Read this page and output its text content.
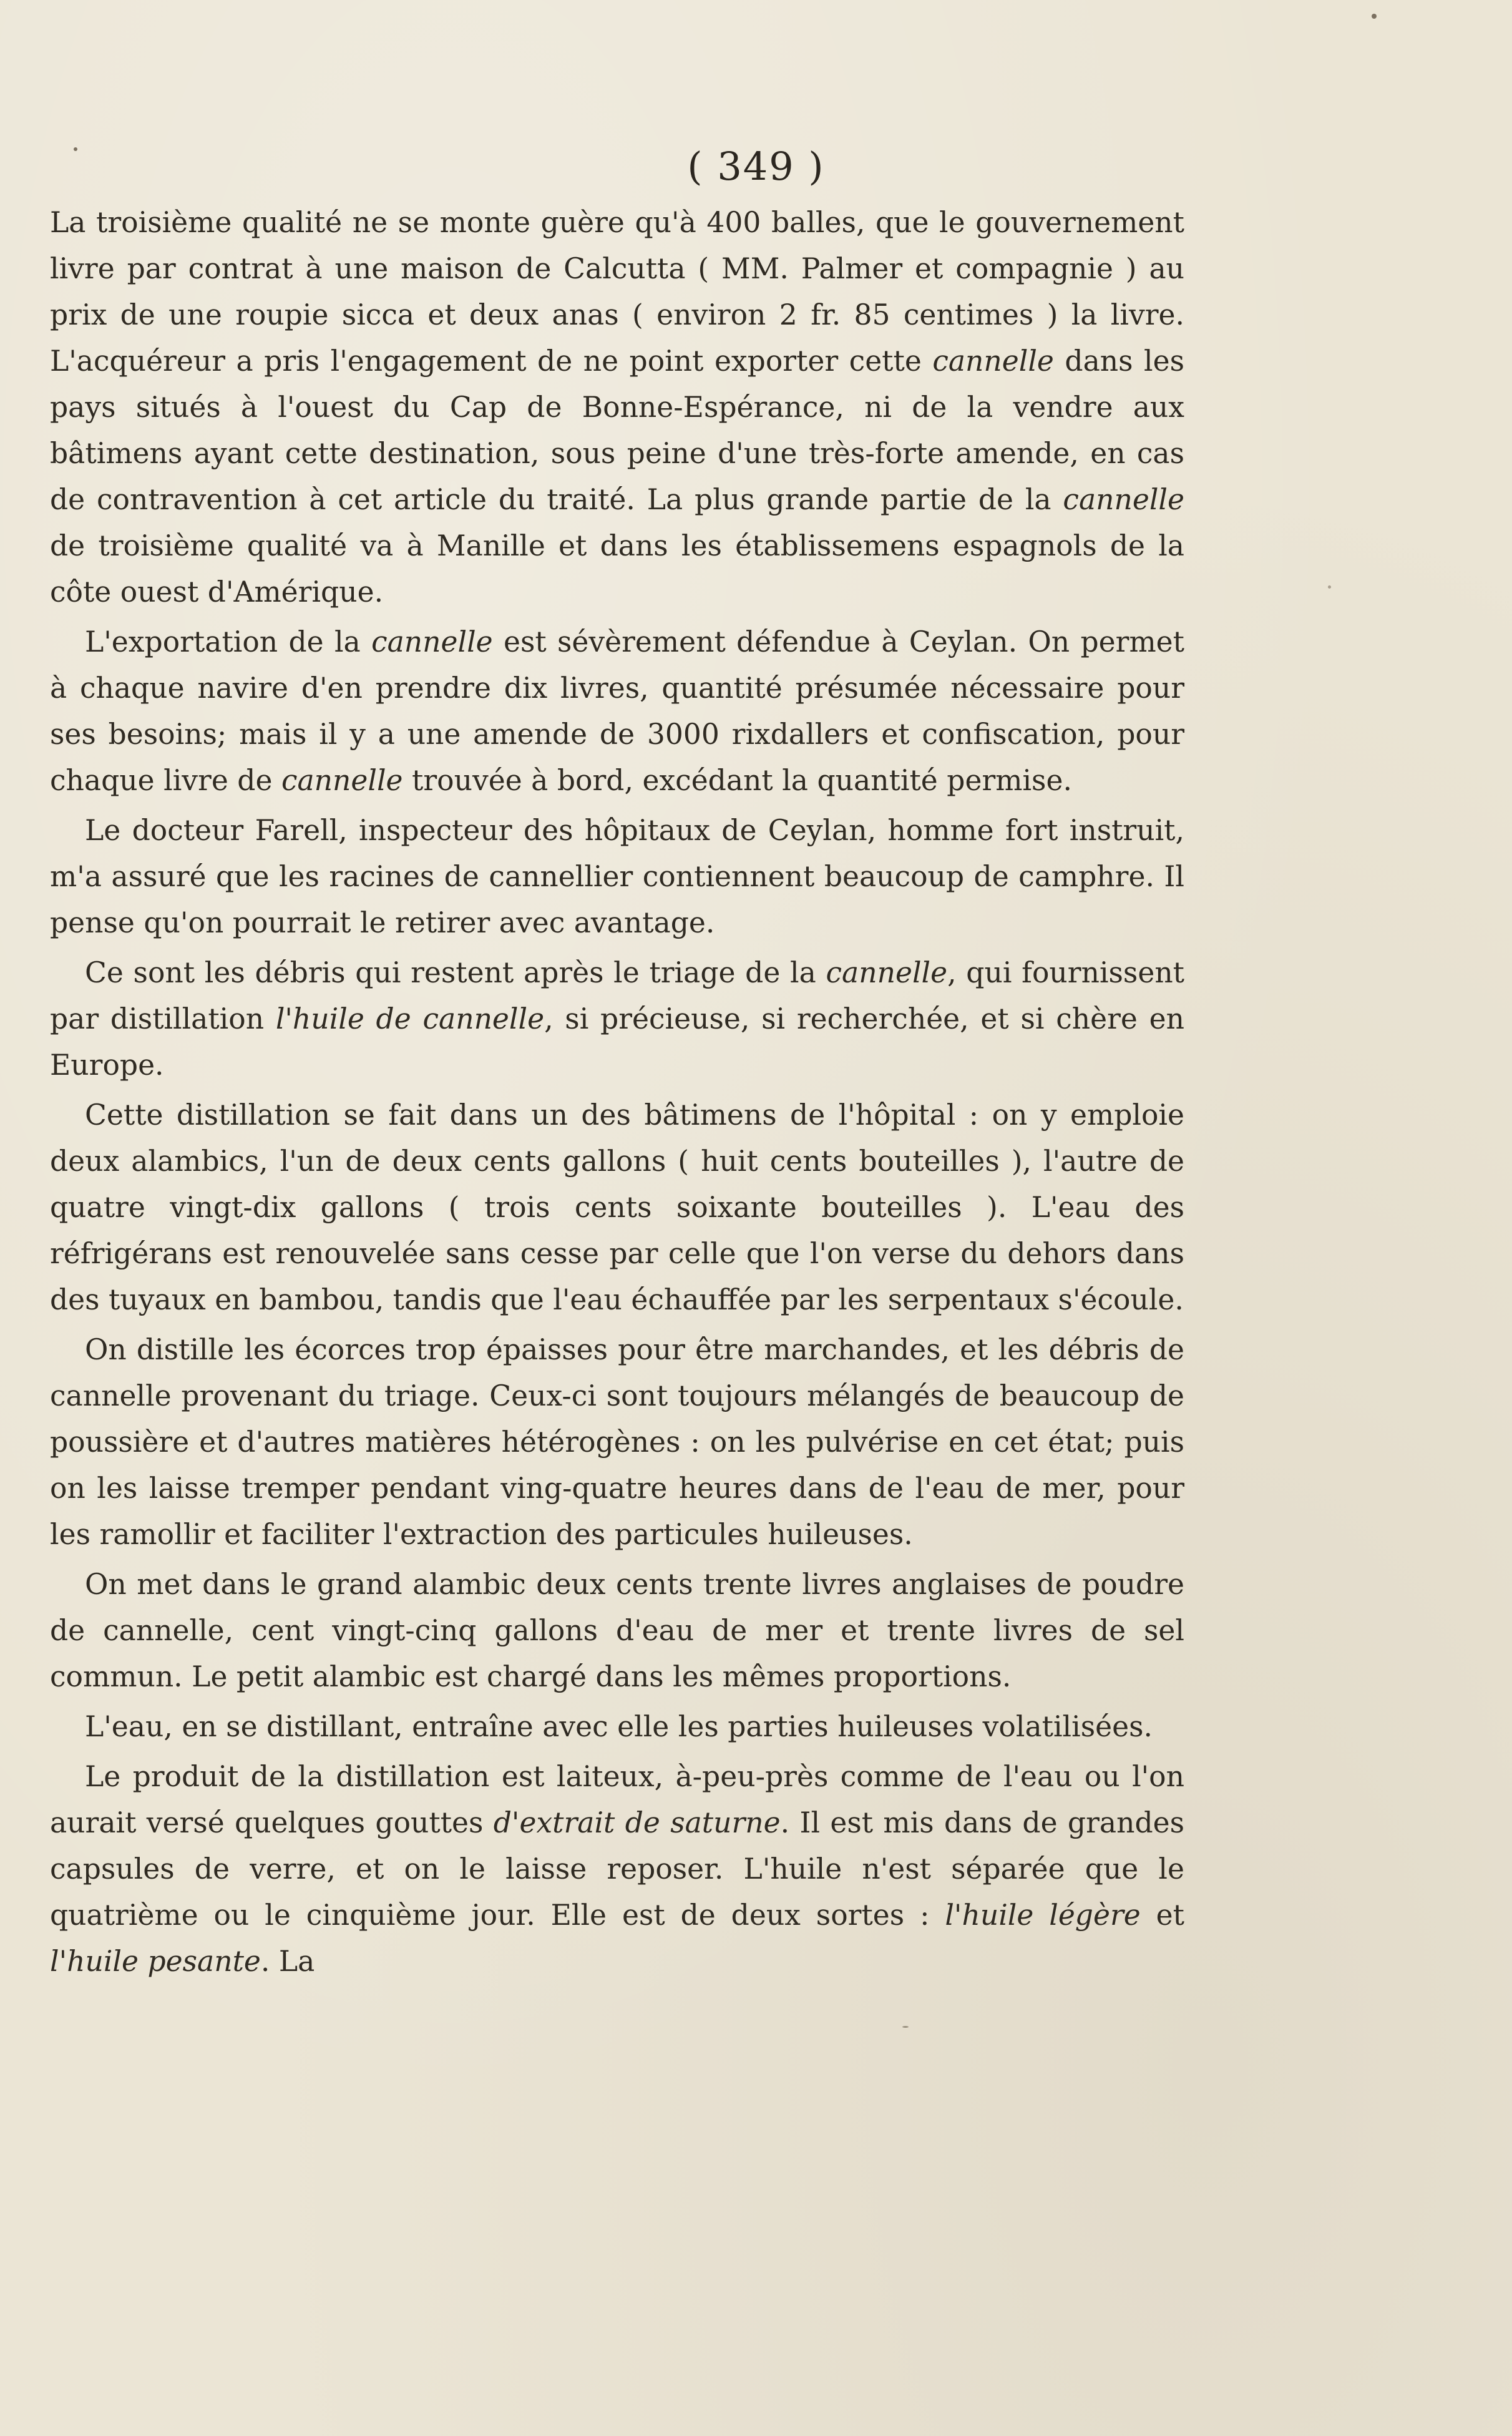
( 349 )

La troisième qualité ne se monte guère qu'à 400 balles, que le gouvernement livre par contrat à une maison de Calcutta ( MM. Palmer et compagnie ) au prix de une roupie sicca et deux anas ( environ 2 fr. 85 centimes ) la livre. L'acquéreur a pris l'engagement de ne point exporter cette cannelle dans les pays situés à l'ouest du Cap de Bonne-Espérance, ni de la vendre aux bâtimens ayant cette destination, sous peine d'une très-forte amende, en cas de contravention à cet article du traité. La plus grande partie de la cannelle de troisième qualité va à Manille et dans les établissemens espagnols de la côte ouest d'Amérique.

L'exportation de la cannelle est sévèrement défendue à Ceylan. On permet à chaque navire d'en prendre dix livres, quantité présumée nécessaire pour ses besoins; mais il y a une amende de 3000 rixdallers et confiscation, pour chaque livre de cannelle trouvée à bord, excédant la quantité permise.

Le docteur Farell, inspecteur des hôpitaux de Ceylan, homme fort instruit, m'a assuré que les racines de cannellier contiennent beaucoup de camphre. Il pense qu'on pourrait le retirer avec avantage.

Ce sont les débris qui restent après le triage de la cannelle, qui fournissent par distillation l'huile de cannelle, si précieuse, si recherchée, et si chère en Europe.

Cette distillation se fait dans un des bâtimens de l'hôpital : on y emploie deux alambics, l'un de deux cents gallons ( huit cents bouteilles ), l'autre de quatre vingt-dix gallons ( trois cents soixante bouteilles ). L'eau des réfrigérans est renouvelée sans cesse par celle que l'on verse du dehors dans des tuyaux en bambou, tandis que l'eau échauffée par les serpentaux s'écoule.

On distille les écorces trop épaisses pour être marchandes, et les débris de cannelle provenant du triage. Ceux-ci sont toujours mélangés de beaucoup de poussière et d'autres matières hétérogènes : on les pulvérise en cet état; puis on les laisse tremper pendant ving-quatre heures dans de l'eau de mer, pour les ramollir et faciliter l'extraction des particules huileuses.

On met dans le grand alambic deux cents trente livres anglaises de poudre de cannelle, cent vingt-cinq gallons d'eau de mer et trente livres de sel commun. Le petit alambic est chargé dans les mêmes proportions.

L'eau, en se distillant, entraîne avec elle les parties huileuses volatilisées.

Le produit de la distillation est laiteux, à-peu-près comme de l'eau ou l'on aurait versé quelques gouttes d'extrait de saturne. Il est mis dans de grandes capsules de verre, et on le laisse reposer. L'huile n'est séparée que le quatrième ou le cinquième jour. Elle est de deux sortes : l'huile légère et l'huile pesante. La
